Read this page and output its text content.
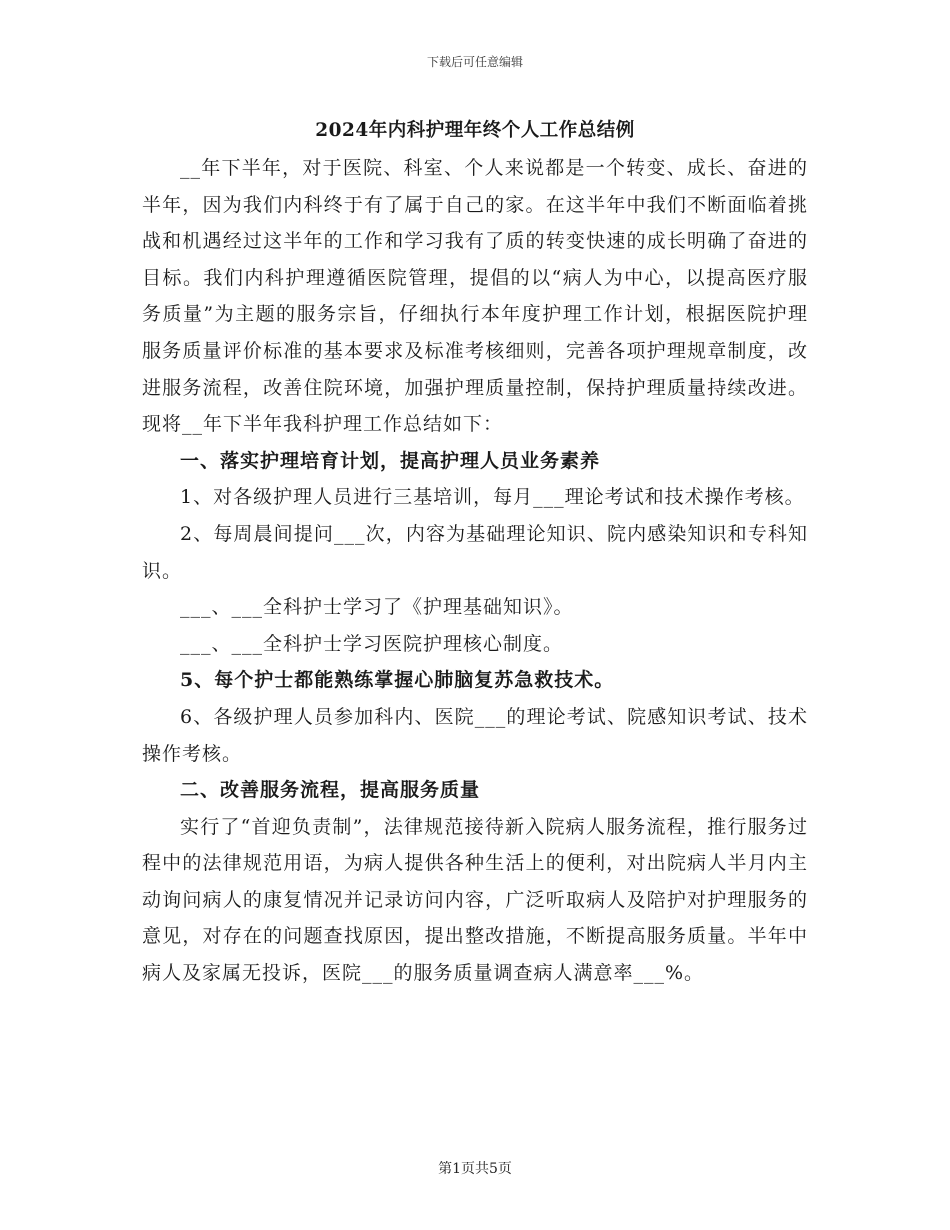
下载后可任意编辑
2024年内科护理年终个人工作总结例

__年下半年，对于医院、科室、个人来说都是一个转变、成长、奋进的半年，因为我们内科终于有了属于自己的家。在这半年中我们不断面临着挑战和机遇经过这半年的工作和学习我有了质的转变快速的成长明确了奋进的目标。我们内科护理遵循医院管理，提倡的以“病人为中心，以提高医疗服务质量”为主题的服务宗旨，仔细执行本年度护理工作计划，根据医院护理服务质量评价标准的基本要求及标准考核细则，完善各项护理规章制度，改进服务流程，改善住院环境，加强护理质量控制，保持护理质量持续改进。现将__年下半年我科护理工作总结如下：

一、落实护理培育计划，提高护理人员业务素养

1、对各级护理人员进行三基培训，每月___理论考试和技术操作考核。

2、每周晨间提问___次，内容为基础理论知识、院内感染知识和专科知识。

___、___全科护士学习了《护理基础知识》。

___、___全科护士学习医院护理核心制度。

5、每个护士都能熟练掌握心肺脑复苏急救技术。

6、各级护理人员参加科内、医院___的理论考试、院感知识考试、技术操作考核。

二、改善服务流程，提高服务质量

实行了“首迎负责制”，法律规范接待新入院病人服务流程，推行服务过程中的法律规范用语，为病人提供各种生活上的便利，对出院病人半月内主动询问病人的康复情况并记录访问内容，广泛听取病人及陪护对护理服务的意见，对存在的问题查找原因，提出整改措施，不断提高服务质量。半年中病人及家属无投诉，医院___的服务质量调查病人满意率___%。

第1页共5页
